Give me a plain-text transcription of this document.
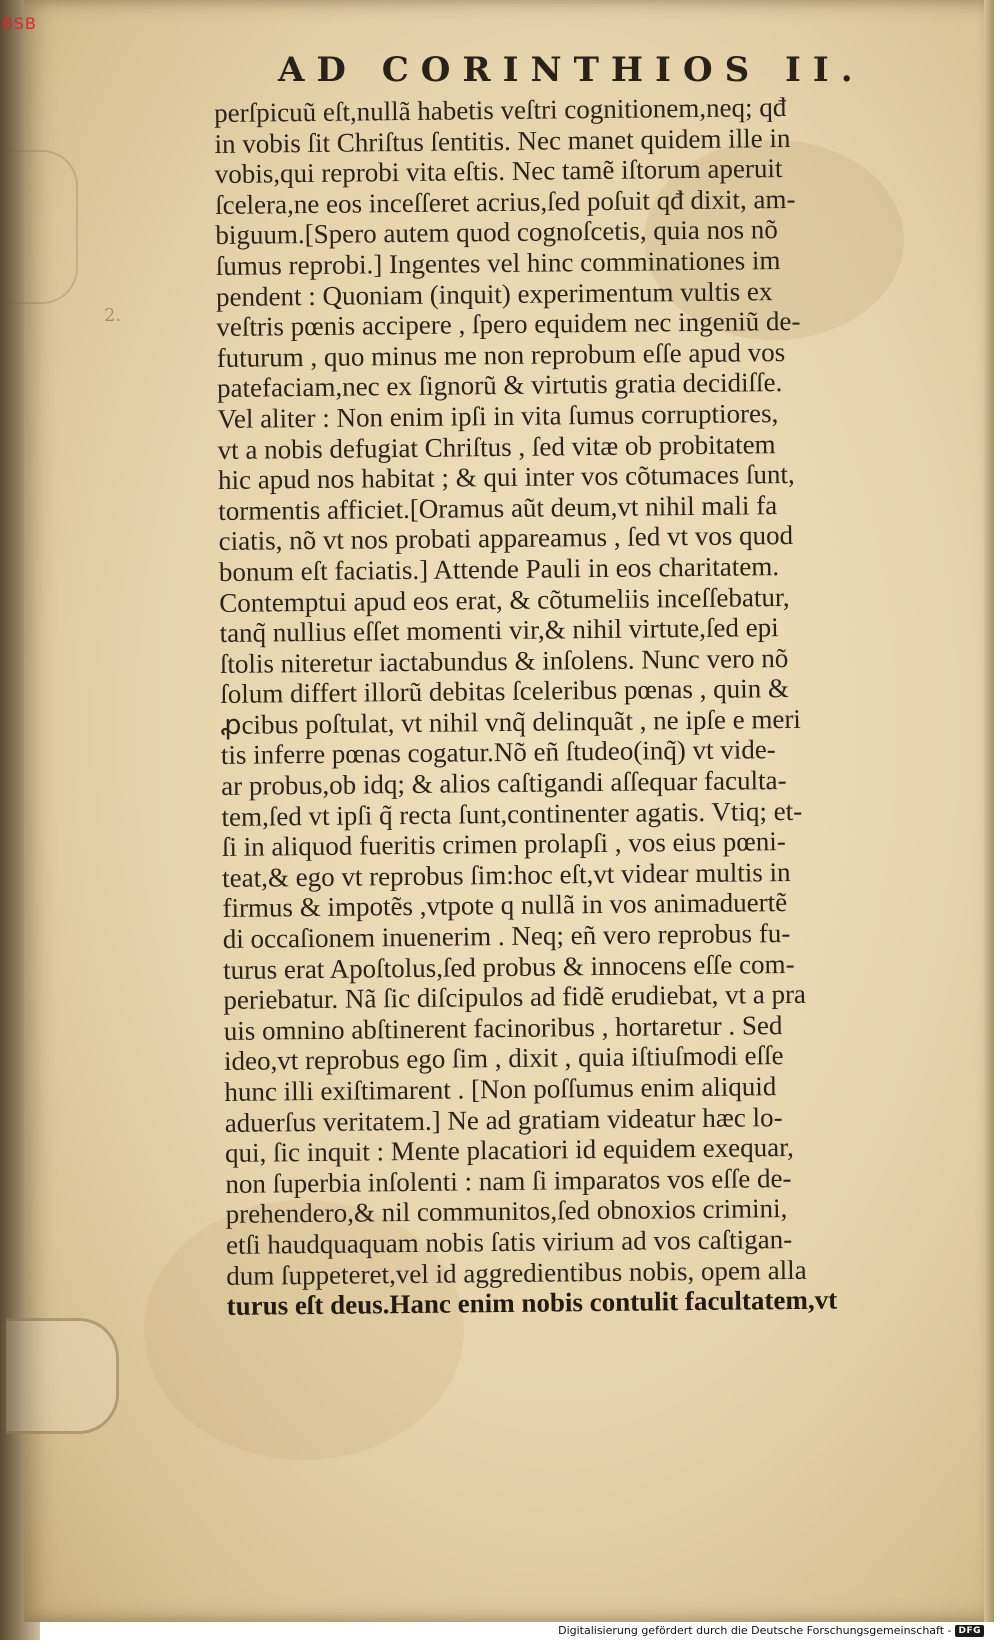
BSB
2.
AD CORINTHIOS II.
perſpicuũ eſt,nullã habetis veſtri cognitionem,neq; qđ
in vobis ſit Chriſtus ſentitis. Nec manet quidem ille in
vobis,qui reprobi vita eſtis. Nec tamẽ iſtorum aperuit
ſcelera,ne eos inceſſeret acrius,ſed poſuit qđ dixit, am-
biguum.[Spero autem quod cognoſcetis, quia nos nõ
ſumus reprobi.] Ingentes vel hinc comminationes im
pendent : Quoniam (inquit) experimentum vultis ex
veſtris pœnis accipere , ſpero equidem nec ingeniũ de-
futurum , quo minus me non reprobum eſſe apud vos
patefaciam,nec ex ſignorũ & virtutis gratia decidiſſe.
Vel aliter : Non enim ipſi in vita ſumus corruptiores,
vt a nobis defugiat Chriſtus , ſed vitæ ob probitatem
hic apud nos habitat ; & qui inter vos cõtumaces ſunt,
tormentis afficiet.[Oramus aũt deum,vt nihil mali fa
ciatis, nõ vt nos probati appareamus , ſed vt vos quod
bonum eſt faciatis.] Attende Pauli in eos charitatem.
Contemptui apud eos erat, & cõtumeliis inceſſebatur,
tanq̃ nullius eſſet momenti vir,& nihil virtute,ſed epi
ſtolis niteretur iactabundus & inſolens. Nunc vero nõ
ſolum differt illorũ debitas ſceleribus pœnas , quin &
ꝓcibus poſtulat, vt nihil vnq̃ delinquãt , ne ipſe e meri
tis inferre pœnas cogatur.Nõ eñ ſtudeo(inq̃) vt vide-
ar probus,ob idq; & alios caſtigandi aſſequar faculta-
tem,ſed vt ipſi q̃ recta ſunt,continenter agatis. Vtiq; et-
ſi in aliquod fueritis crimen prolapſi , vos eius pœni-
teat,& ego vt reprobus ſim:hoc eſt,vt videar multis in
firmus & impotẽs ,vtpote q nullã in vos animaduertẽ
di occaſionem inuenerim . Neq; eñ vero reprobus fu-
turus erat Apoſtolus,ſed probus & innocens eſſe com-
periebatur. Nã ſic diſcipulos ad fidẽ erudiebat, vt a pra
uis omnino abſtinerent facinoribus , hortaretur . Sed
ideo,vt reprobus ego ſim , dixit , quia iſtiuſmodi eſſe
hunc illi exiſtimarent . [Non poſſumus enim aliquid
aduerſus veritatem.] Ne ad gratiam videatur hæc lo-
qui, ſic inquit : Mente placatiori id equidem exequar,
non ſuperbia inſolenti : nam ſi imparatos vos eſſe de-
prehendero,& nil communitos,ſed obnoxios crimini,
etſi haudquaquam nobis ſatis virium ad vos caſtigan-
dum ſuppeteret,vel id aggredientibus nobis, opem alla
turus eſt deus.Hanc enim nobis contulit facultatem,vt
Digitalisierung gefördert durch die Deutsche Forschungsgemeinschaft - DFG
